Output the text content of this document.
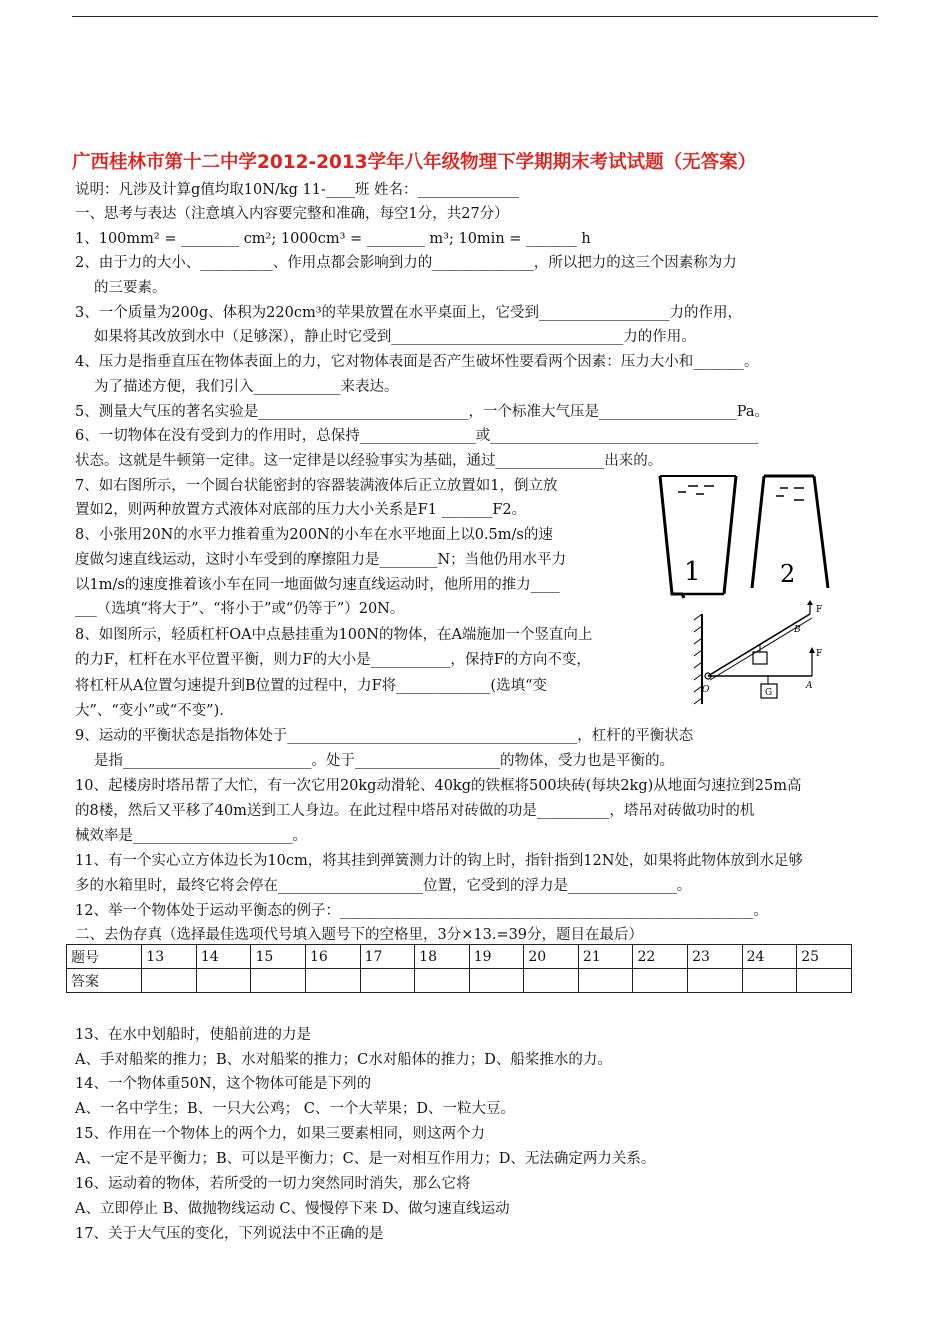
广西桂林市第十二中学2012-2013学年八年级物理下学期期末考试试题（无答案）
说明：凡涉及计算g值均取10N/kg 11-____班 姓名：______________
一、思考与表达（注意填入内容要完整和准确，每空1分，共27分）
1、100mm² = ________ cm²; 1000cm³ = ________ m³; 10min = _______ h
2、由于力的大小、__________、作用点都会影响到力的______________，所以把力的这三个因素称为力
的三要素。
3、一个质量为200g、体积为220cm³的苹果放置在水平桌面上，它受到__________________力的作用，
如果将其改放到水中（足够深），静止时它受到________________________________力的作用。
4、压力是指垂直压在物体表面上的力，它对物体表面是否产生破坏性要看两个因素：压力大小和_______。
为了描述方便，我们引入____________来表达。
5、测量大气压的著名实验是_____________________________，一个标准大气压是___________________Pa。
6、一切物体在没有受到力的作用时，总保持________________或_____________________________________
状态。这就是牛顿第一定律。这一定律是以经验事实为基础，通过_______________出来的。
7、如右图所示，一个圆台状能密封的容器装满液体后正立放置如1，倒立放
置如2，则两种放置方式液体对底部的压力大小关系是F1 _______F2。
8、小张用20N的水平力推着重为200N的小车在水平地面上以0.5m/s的速
度做匀速直线运动，这时小车受到的摩擦阻力是________N；当他仍用水平力
以1m/s的速度推着该小车在同一地面做匀速直线运动时，他所用的推力____
___（选填“将大于”、“将小于”或“仍等于”）20N。
8、如图所示，轻质杠杆OA中点悬挂重为100N的物体，在A端施加一个竖直向上
的力F，杠杆在水平位置平衡，则力F的大小是___________，保持F的方向不变，
将杠杆从A位置匀速提升到B位置的过程中，力F将_____________(选填“变
大”、“变小”或“不变”)．
9、运动的平衡状态是指物体处于________________________________________，杠杆的平衡状态
是指__________________________。处于____________________的物体，受力也是平衡的。
10、起楼房时塔吊帮了大忙，有一次它用20kg动滑轮、40kg的铁框将500块砖(每块2kg)从地面匀速拉到25m高
的8楼，然后又平移了40m送到工人身边。在此过程中塔吊对砖做的功是__________，塔吊对砖做功时的机
械效率是______________________。
11、有一个实心立方体边长为10cm，将其挂到弹簧测力计的钩上时，指针指到12N处，如果将此物体放到水足够
多的水箱里时，最终它将会停在____________________位置，它受到的浮力是_______________。
12、举一个物体处于运动平衡态的例子：_________________________________________________________。
二、去伪存真（选择最佳选项代号填入题号下的空格里，3分×13.=39分，题目在最后）
题号	13	14	15	16	17	18	19	20	21	22	23	24	25
答案													
13、在水中划船时，使船前进的力是
A、手对船桨的推力；B、水对船桨的推力；C水对船体的推力；D、船桨推水的力。
14、一个物体重50N，这个物体可能是下列的
A、一名中学生；B、一只大公鸡； C、一个大苹果；D、一粒大豆。
15、作用在一个物体上的两个力，如果三要素相同，则这两个力
A、一定不是平衡力；B、可以是平衡力；C、是一对相互作用力；D、无法确定两力关系。
16、运动着的物体，若所受的一切力突然同时消失，那么它将
A、立即停止 B、做抛物线运动 C、慢慢停下来 D、做匀速直线运动
17、关于大气压的变化，下列说法中不正确的是
1	2
F
F
B
A
O	G
